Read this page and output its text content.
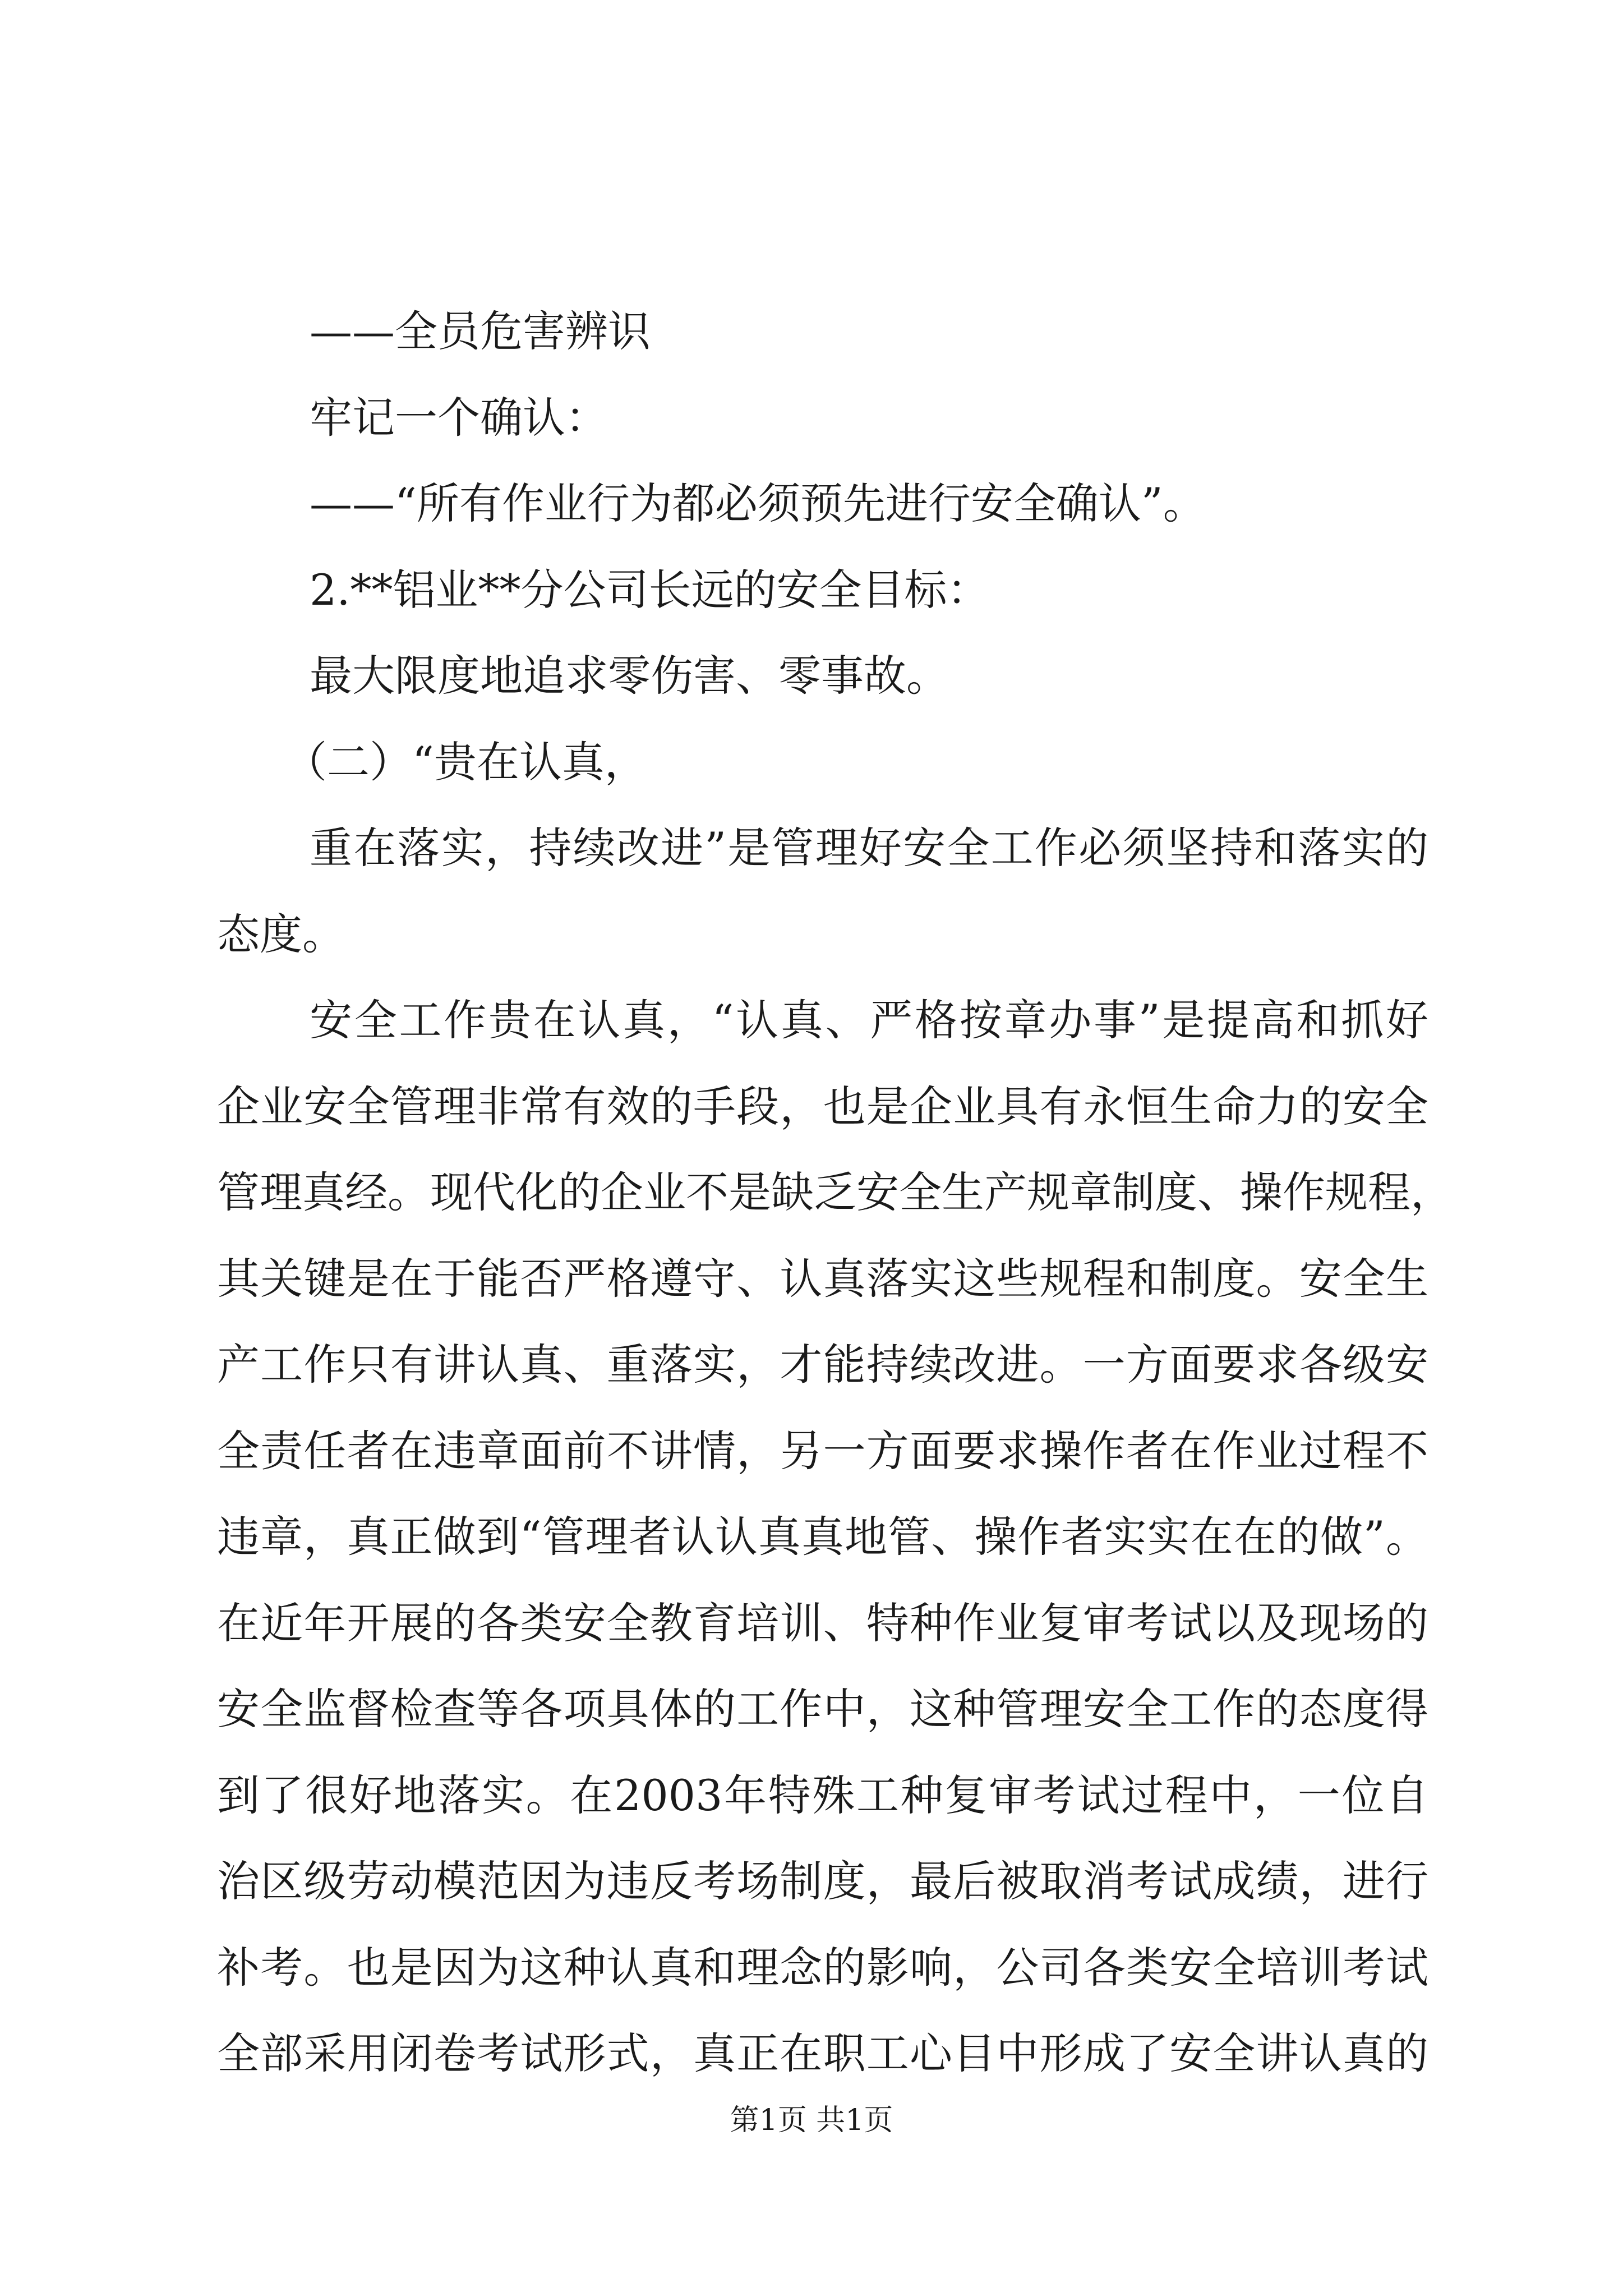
——全员危害辨识
牢记一个确认：
——“所有作业行为都必须预先进行安全确认”。
2.**铝业**分公司长远的安全目标：
最大限度地追求零伤害、零事故。
（二）“贵在认真，
重在落实，持续改进”是管理好安全工作必须坚持和落实的
态度。
安全工作贵在认真，“认真、严格按章办事”是提高和抓好
企业安全管理非常有效的手段，也是企业具有永恒生命力的安全
管理真经。现代化的企业不是缺乏安全生产规章制度、操作规程，
其关键是在于能否严格遵守、认真落实这些规程和制度。安全生
产工作只有讲认真、重落实，才能持续改进。一方面要求各级安
全责任者在违章面前不讲情，另一方面要求操作者在作业过程不
违章，真正做到“管理者认认真真地管、操作者实实在在的做”。
在近年开展的各类安全教育培训、特种作业复审考试以及现场的
安全监督检查等各项具体的工作中，这种管理安全工作的态度得
到了很好地落实。在2003年特殊工种复审考试过程中，一位自
治区级劳动模范因为违反考场制度，最后被取消考试成绩，进行
补考。也是因为这种认真和理念的影响，公司各类安全培训考试
全部采用闭卷考试形式，真正在职工心目中形成了安全讲认真的
第1页 共1页
